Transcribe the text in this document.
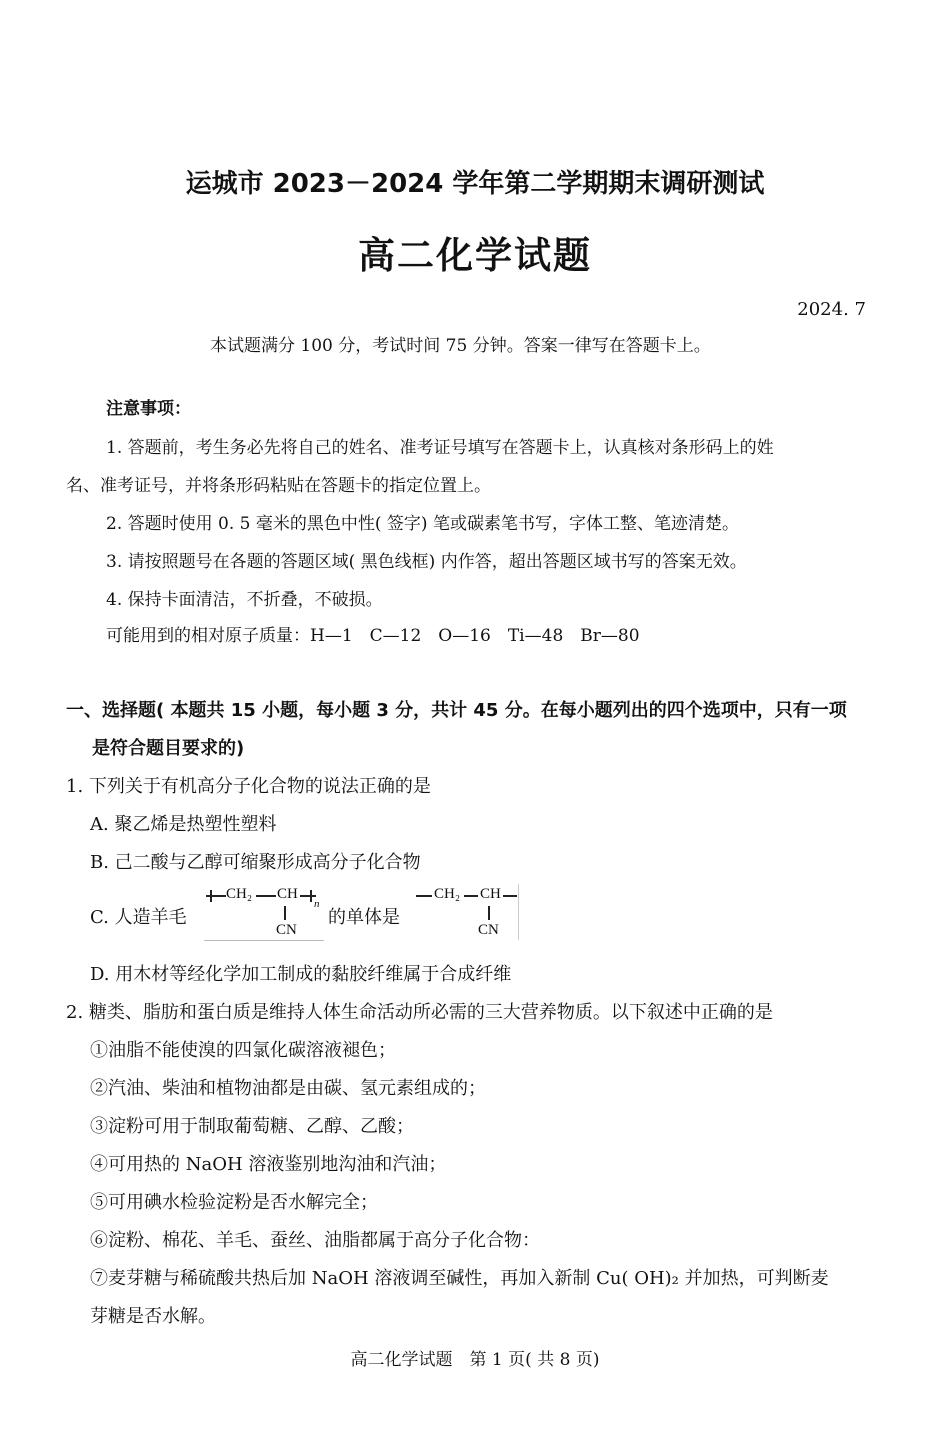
运城市 2023－2024 学年第二学期期末调研测试
高二化学试题
2024. 7
本试题满分 100 分，考试时间 75 分钟。答案一律写在答题卡上。
注意事项：
1. 答题前，考生务必先将自己的姓名、准考证号填写在答题卡上，认真核对条形码上的姓
名、准考证号，并将条形码粘贴在答题卡的指定位置上。
2. 答题时使用 0. 5 毫米的黑色中性( 签字) 笔或碳素笔书写，字体工整、笔迹清楚。
3. 请按照题号在各题的答题区域( 黑色线框) 内作答，超出答题区域书写的答案无效。
4. 保持卡面清洁，不折叠，不破损。
可能用到的相对原子质量：H—1　C—12　O—16　Ti—48　Br—80
一、选择题( 本题共 15 小题，每小题 3 分，共计 45 分。在每小题列出的四个选项中，只有一项
是符合题目要求的)
1. 下列关于有机高分子化合物的说法正确的是
A. 聚乙烯是热塑性塑料
B. 己二酸与乙醇可缩聚形成高分子化合物
C. 人造羊毛
CH₂ CH
n
CN
的单体是
CH₂ CH
CN
D. 用木材等经化学加工制成的黏胶纤维属于合成纤维
2. 糖类、脂肪和蛋白质是维持人体生命活动所必需的三大营养物质。以下叙述中正确的是
①油脂不能使溴的四氯化碳溶液褪色；
②汽油、柴油和植物油都是由碳、氢元素组成的；
③淀粉可用于制取葡萄糖、乙醇、乙酸；
④可用热的 NaOH 溶液鉴别地沟油和汽油；
⑤可用碘水检验淀粉是否水解完全；
⑥淀粉、棉花、羊毛、蚕丝、油脂都属于高分子化合物：
⑦麦芽糖与稀硫酸共热后加 NaOH 溶液调至碱性，再加入新制 Cu( OH)₂ 并加热，可判断麦
芽糖是否水解。
高二化学试题　第 1 页( 共 8 页)
